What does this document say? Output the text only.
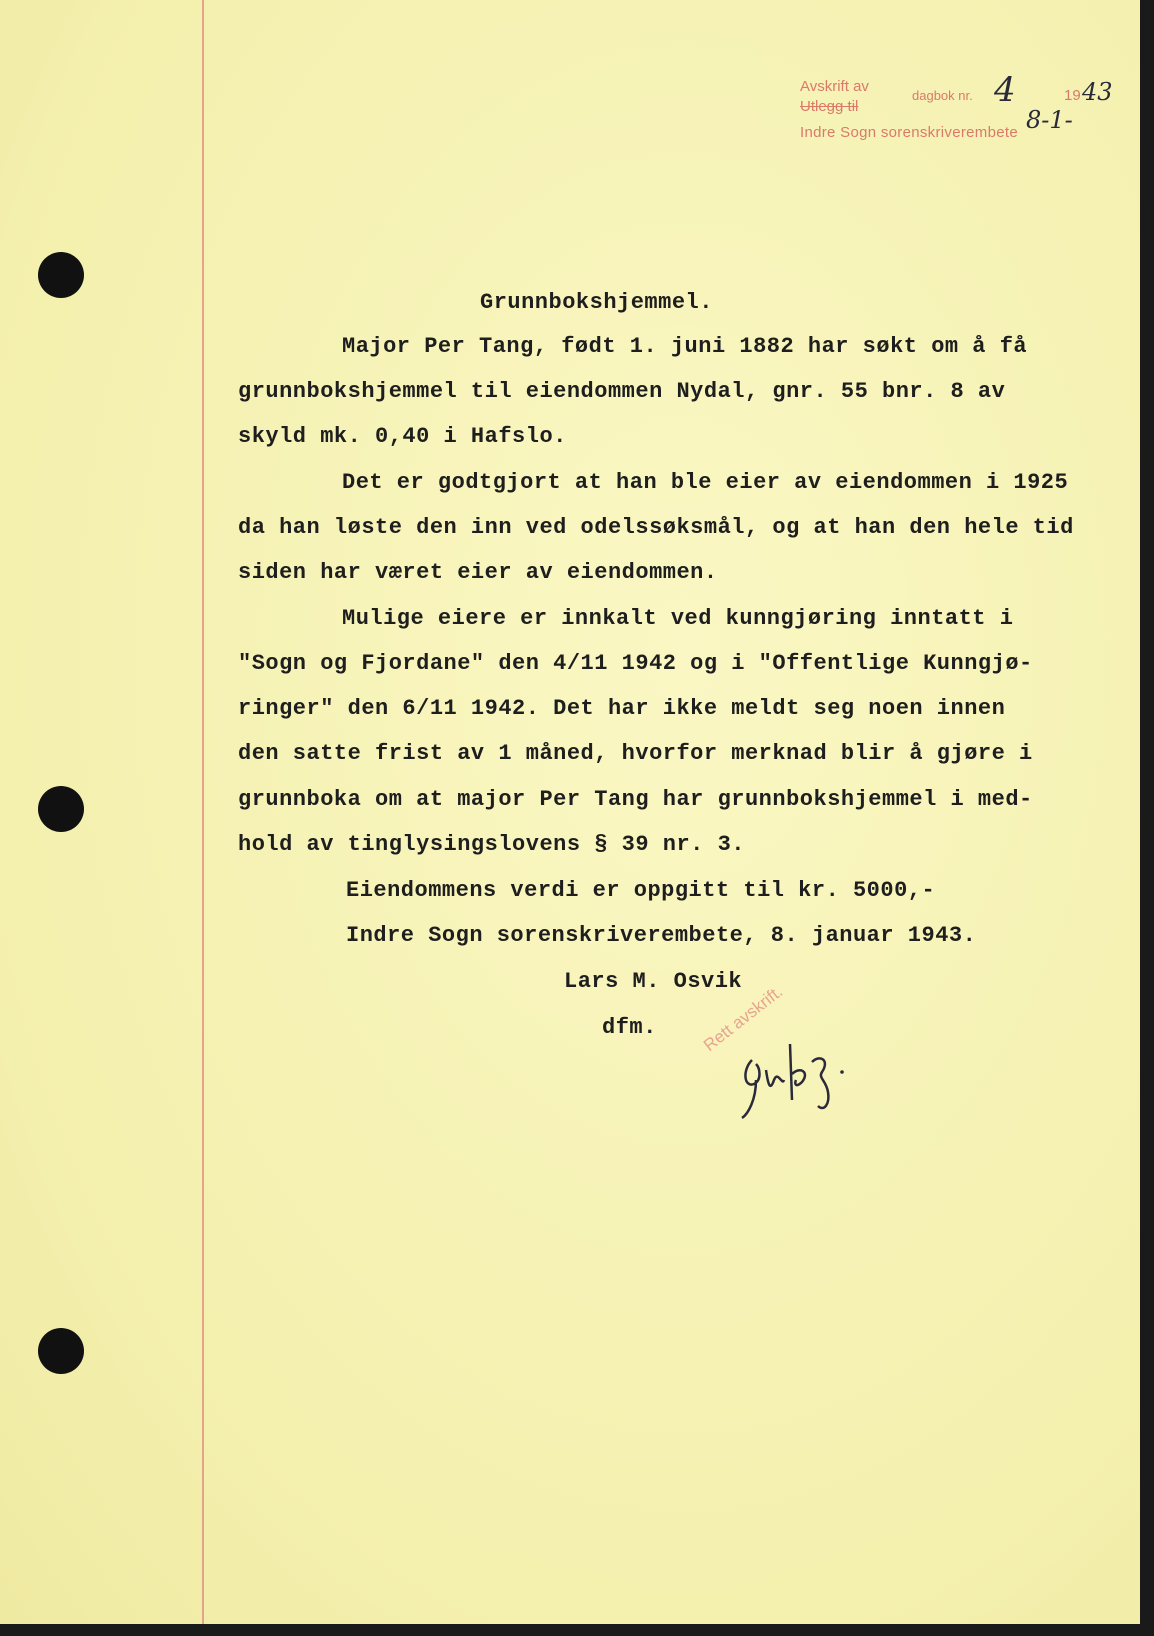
Avskrift av
Utlegg til
dagbok nr.	19
Indre Sogn sorenskriverembete
4	43
8-1-
Grunnbokshjemmel.
Major Per Tang, født 1. juni 1882 har søkt om å få
grunnbokshjemmel til eiendommen Nydal, gnr. 55 bnr. 8 av
skyld mk. 0,40 i Hafslo.
Det er godtgjort at han ble eier av eiendommen i 1925
da han løste den inn ved odelssøksmål, og at han den hele tid
siden har været eier av eiendommen.
Mulige eiere er innkalt ved kunngjøring inntatt i
"Sogn og Fjordane" den 4/11 1942 og i "Offentlige Kunngjø-
ringer" den 6/11 1942. Det har ikke meldt seg noen innen
den satte frist av 1 måned, hvorfor merknad blir å gjøre i
grunnboka om at major Per Tang har grunnbokshjemmel i med-
hold av tinglysingslovens § 39 nr. 3.
Eiendommens verdi er oppgitt til kr. 5000,-
Indre Sogn sorenskriverembete, 8. januar 1943.
Lars M. Osvik
dfm.	Rett avskrift.
